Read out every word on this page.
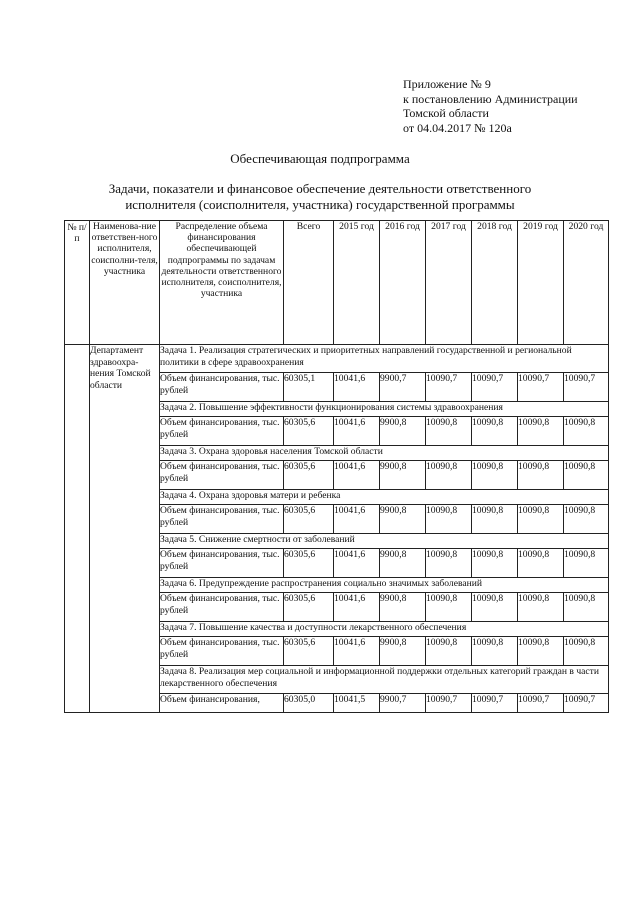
Приложение № 9
к постановлению Администрации
Томской области
от 04.04.2017 № 120а
Обеспечивающая подпрограмма
Задачи, показатели и финансовое обеспечение деятельности ответственного исполнителя (соисполнителя, участника) государственной программы
№ п/п	Наименова-ние ответствен-ного исполнителя, соисполни-теля, участника	Распределение объема финансирования обеспечивающей подпрограммы по задачам деятельности ответственного исполнителя, соисполнителя, участника	Всего	2015 год	2016 год	2017 год	2018 год	2019 год	2020 год
	Департамент здравоохра-нения Томской области	Задача 1. Реализация стратегических и приоритетных направлений государственной и региональной политики в сфере здравоохранения							
		Объем финансирования, тыс. рублей	60305,1	10041,6	9900,7	10090,7	10090,7	10090,7	10090,7
		Задача 2. Повышение эффективности функционирования системы здравоохранения							
		Объем финансирования, тыс. рублей	60305,6	10041,6	9900,8	10090,8	10090,8	10090,8	10090,8
		Задача 3. Охрана здоровья населения Томской области							
		Объем финансирования, тыс. рублей	60305,6	10041,6	9900,8	10090,8	10090,8	10090,8	10090,8
		Задача 4. Охрана здоровья матери и ребенка							
		Объем финансирования, тыс. рублей	60305,6	10041,6	9900,8	10090,8	10090,8	10090,8	10090,8
		Задача 5. Снижение смертности от заболеваний							
		Объем финансирования, тыс. рублей	60305,6	10041,6	9900,8	10090,8	10090,8	10090,8	10090,8
		Задача 6. Предупреждение распространения социально значимых заболеваний							
		Объем финансирования, тыс. рублей	60305,6	10041,6	9900,8	10090,8	10090,8	10090,8	10090,8
		Задача 7. Повышение качества и доступности лекарственного обеспечения							
		Объем финансирования, тыс. рублей	60305,6	10041,6	9900,8	10090,8	10090,8	10090,8	10090,8
		Задача 8. Реализация мер социальной и информационной поддержки отдельных категорий граждан в части лекарственного обеспечения							
		Объем финансирования,	60305,0	10041,5	9900,7	10090,7	10090,7	10090,7	10090,7
